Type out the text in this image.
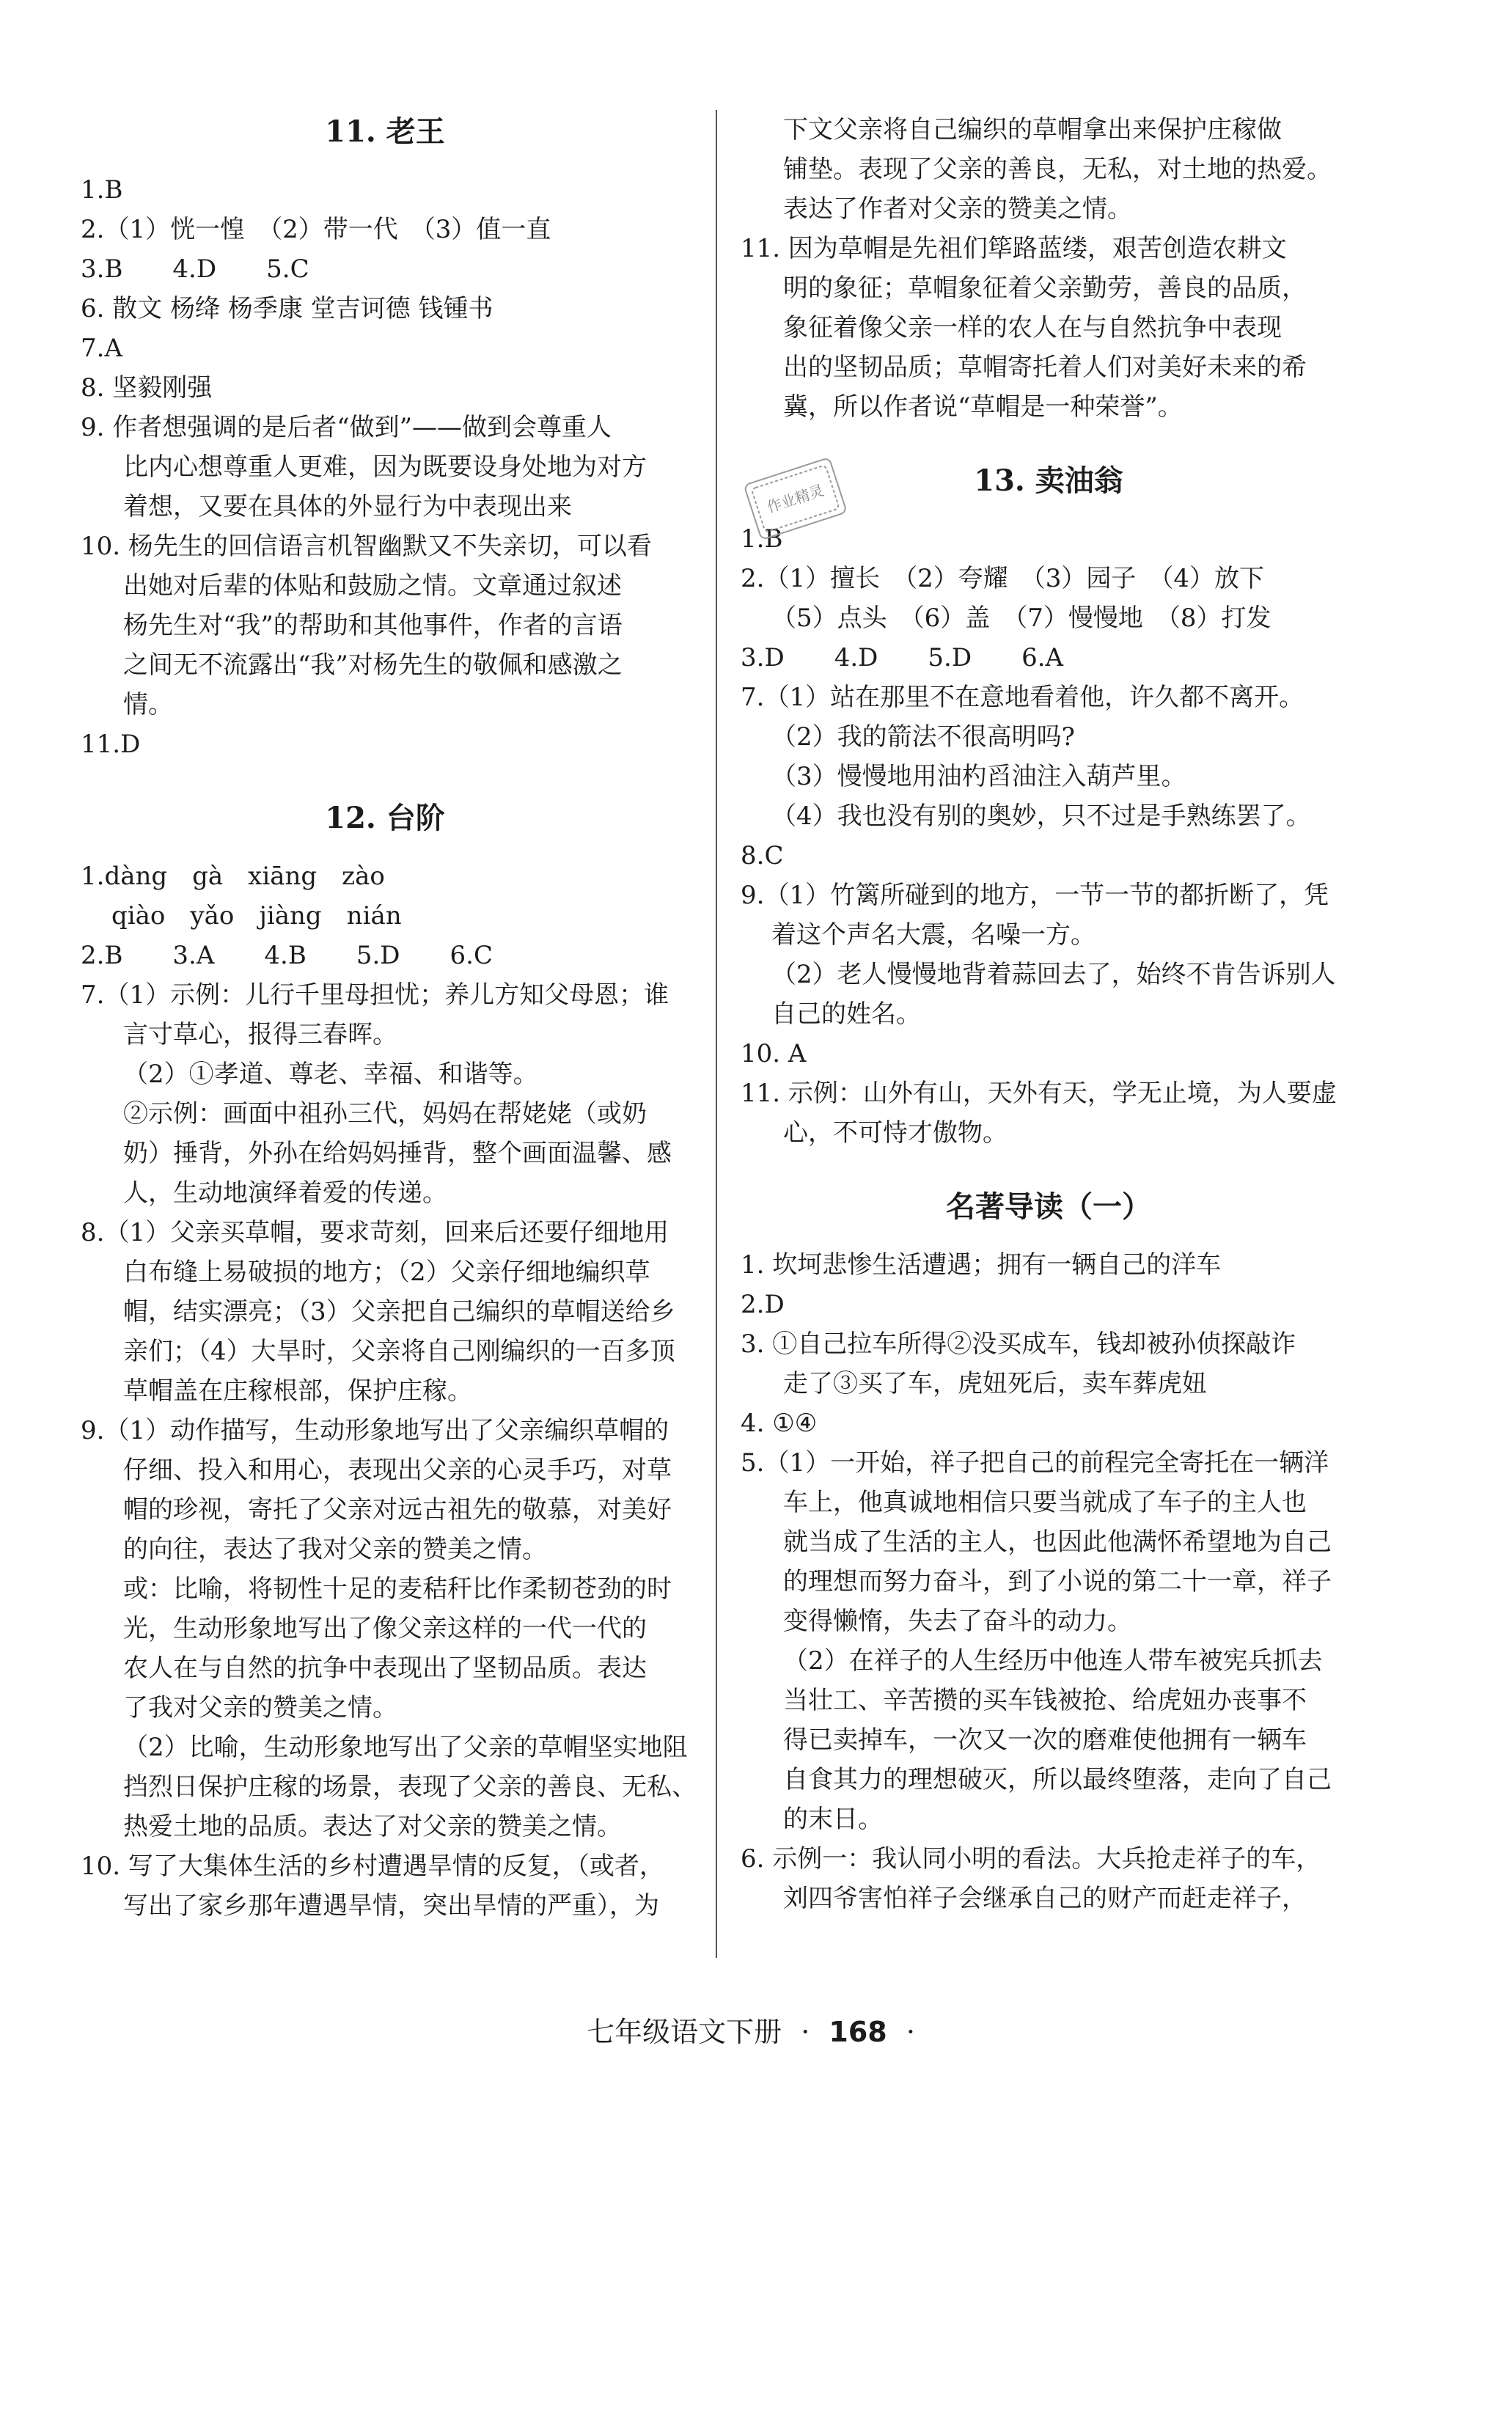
11. 老王

1.B

2.（1）恍一惶　（2）带一代　（3）值一直

3.B　　4.D　　5.C

6. 散文 杨绛 杨季康 堂吉诃德 钱锺书

7.A

8. 坚毅刚强

9. 作者想强调的是后者“做到”——做到会尊重人

比内心想尊重人更难，因为既要设身处地为对方

着想，又要在具体的外显行为中表现出来

10. 杨先生的回信语言机智幽默又不失亲切，可以看

出她对后辈的体贴和鼓励之情。文章通过叙述

杨先生对“我”的帮助和其他事件，作者的言语

之间无不流露出“我”对杨先生的敬佩和感激之

情。

11.D

12. 台阶

1.dàng　gà　xiāng　zào

qiào　yǎo　jiàng　nián

2.B　　3.A　　4.B　　5.D　　6.C

7.（1）示例：儿行千里母担忧；养儿方知父母恩；谁

言寸草心，报得三春晖。

（2）①孝道、尊老、幸福、和谐等。

②示例：画面中祖孙三代，妈妈在帮姥姥（或奶

奶）捶背，外孙在给妈妈捶背，整个画面温馨、感

人，生动地演绎着爱的传递。

8.（1）父亲买草帽，要求苛刻，回来后还要仔细地用

白布缝上易破损的地方；（2）父亲仔细地编织草

帽，结实漂亮；（3）父亲把自己编织的草帽送给乡

亲们；（4）大旱时，父亲将自己刚编织的一百多顶

草帽盖在庄稼根部，保护庄稼。

9.（1）动作描写，生动形象地写出了父亲编织草帽的

仔细、投入和用心，表现出父亲的心灵手巧，对草

帽的珍视，寄托了父亲对远古祖先的敬慕，对美好

的向往，表达了我对父亲的赞美之情。

或：比喻，将韧性十足的麦秸秆比作柔韧苍劲的时

光，生动形象地写出了像父亲这样的一代一代的

农人在与自然的抗争中表现出了坚韧品质。表达

了我对父亲的赞美之情。

（2）比喻，生动形象地写出了父亲的草帽坚实地阻

挡烈日保护庄稼的场景，表现了父亲的善良、无私、

热爱土地的品质。表达了对父亲的赞美之情。

10. 写了大集体生活的乡村遭遇旱情的反复，（或者，

写出了家乡那年遭遇旱情，突出旱情的严重），为

下文父亲将自己编织的草帽拿出来保护庄稼做

铺垫。表现了父亲的善良，无私，对土地的热爱。

表达了作者对父亲的赞美之情。

11. 因为草帽是先祖们筚路蓝缕，艰苦创造农耕文

明的象征；草帽象征着父亲勤劳，善良的品质，

象征着像父亲一样的农人在与自然抗争中表现

出的坚韧品质；草帽寄托着人们对美好未来的希

冀，所以作者说“草帽是一种荣誉”。

13. 卖油翁

1.B

2.（1）擅长　（2）夸耀　（3）园子　（4）放下

（5）点头　（6）盖　（7）慢慢地　（8）打发

3.D　　4.D　　5.D　　6.A

7.（1）站在那里不在意地看着他，许久都不离开。

（2）我的箭法不很高明吗?

（3）慢慢地用油杓舀油注入葫芦里。

（4）我也没有别的奥妙，只不过是手熟练罢了。

8.C

9.（1）竹篱所碰到的地方，一节一节的都折断了，凭

着这个声名大震，名噪一方。

（2）老人慢慢地背着蒜回去了，始终不肯告诉别人

自己的姓名。

10. A

11. 示例：山外有山，天外有天，学无止境，为人要虚

心，不可恃才傲物。

名著导读（一）

1. 坎坷悲惨生活遭遇；拥有一辆自己的洋车

2.D

3. ①自己拉车所得②没买成车，钱却被孙侦探敲诈

走了③买了车，虎妞死后，卖车葬虎妞

4. ①④

5.（1）一开始，祥子把自己的前程完全寄托在一辆洋

车上，他真诚地相信只要当就成了车子的主人也

就当成了生活的主人，也因此他满怀希望地为自己

的理想而努力奋斗，到了小说的第二十一章，祥子

变得懒惰，失去了奋斗的动力。

（2）在祥子的人生经历中他连人带车被宪兵抓去

当壮工、辛苦攒的买车钱被抢、给虎妞办丧事不

得已卖掉车，一次又一次的磨难使他拥有一辆车

自食其力的理想破灭，所以最终堕落，走向了自己

的末日。

6. 示例一：我认同小明的看法。大兵抢走祥子的车，

刘四爷害怕祥子会继承自己的财产而赶走祥子，

作业精灵
七年级语文下册 · 168 ·
